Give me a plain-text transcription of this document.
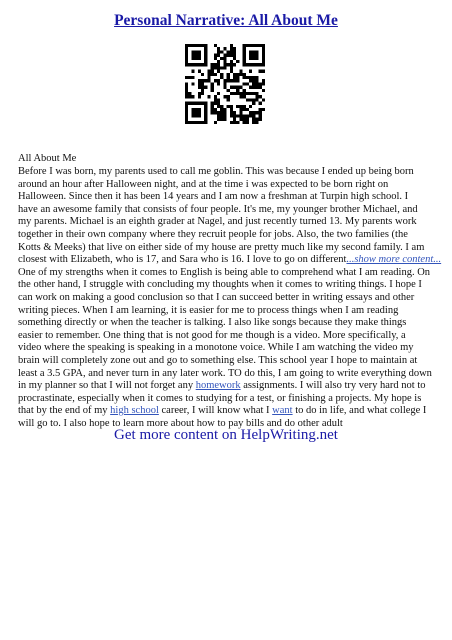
Personal Narrative: All About Me
All About Me
Before I was born, my parents used to call me goblin. This was because I ended up being born
around an hour after Halloween night, and at the time i was expected to be born right on
Halloween. Since then it has been 14 years and I am now a freshman at Turpin high school. I
have an awesome family that consists of four people. It's me, my younger brother Michael, and
my parents. Michael is an eighth grader at Nagel, and just recently turned 13. My parents work
together in their own company where they recruit people for jobs. Also, the two families (the
Kotts & Meeks) that live on either side of my house are pretty much like my second family. I am
closest with Elizabeth, who is 17, and Sara who is 16. I love to go on different...show more content...
One of my strengths when it comes to English is being able to comprehend what I am reading. On
the other hand, I struggle with concluding my thoughts when it comes to writing things. I hope I
can work on making a good conclusion so that I can succeed better in writing essays and other
writing pieces. When I am learning, it is easier for me to process things when I am reading
something directly or when the teacher is talking. I also like songs because they make things
easier to remember. One thing that is not good for me though is a video. More specifically, a
video where the speaking is speaking in a monotone voice. While I am watching the video my
brain will completely zone out and go to something else. This school year I hope to maintain at
least a 3.5 GPA, and never turn in any later work. TO do this, I am going to write everything down
in my planner so that I will not forget any homework assignments. I will also try very hard not to
procrastinate, especially when it comes to studying for a test, or finishing a projects. My hope is
that by the end of my high school career, I will know what I want to do in life, and what college I
will go to. I also hope to learn more about how to pay bills and do other adult
Get more content on HelpWriting.net
